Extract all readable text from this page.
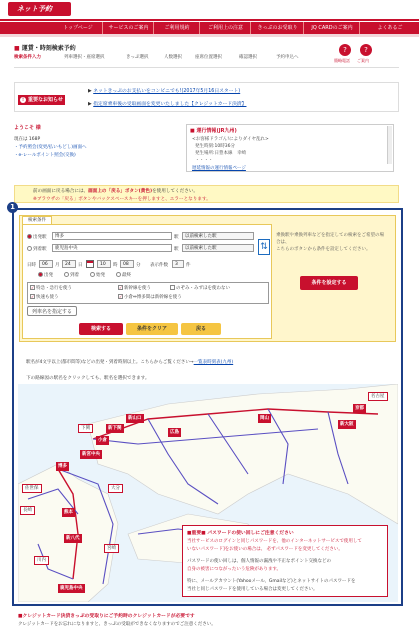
ネット予約
トップページ	サービスのご案内	ご利用規約	ご利用上の注意	きっぷのお受取り	JQ CARDのご案内	よくあるご
■ 運賃・時刻検索予約
検索条件入力	列車選択・座席選択	きっぷ選択	人数選択	座席位置選択	確認選択	予約申込へ
?
簡略電話
?
ご案内
! 重要なお知らせ
▶ ネットきっぷのお支払いをコンビニでも!(2017年5月16日スタート)
▶ 指定席乗車後の受取画面を変更いたしました【クレジットカード決済】
ようこそ 様
現在は 168P
・予約照会(変更/払いもどし)画面へ
・e-レールポイント照会(交換)
■ 運行情報(JR九州)
<お客様ドラゴん!によりダイヤ乱れ>
発生時刻:10時36分
発生場所:日豊本線　幸崎
・・・・
遅延情報の運行情報ページ
前の画面に戻る場合には、画面上の「戻る」ボタン(黄色)を使用してください。
※ブラウザの「戻る」ボタンやバックスペースキーを押しますと、エラーとなります。
1
検索条件
出発駅	博多	駅	以前検索した駅
到着駅	鹿児島中央	駅	以前検索した駅	⇅
日時	06	月	24	日	10	時	08	分 表示件数	3	件
出発	到着	始発	最終
✓ 特急・急行を使う	✓ 新幹線を使う	のぞみ・みずほを使わない
✓ 快速も使う	✓ 小倉⇔博多間は新幹線を使う
列車名を指定する
検索する	条件をクリア	戻る
乗換駅や乗換列車などを指定しての検索をご希望の場合は、
こちらのボタンから条件を設定してください。
条件を設定する
駅名が4文字以上(都市間等)などの出発・到着時刻以上。こちらからご覧ください→一覧表時刻表(九州)
下の路線図の駅名をクリックしても、駅名を選択できます。
博多
新宮中央
広島
岡山
新大阪
京都
名古屋
下関
小倉
新下関
新山口
熊本
新八代
鹿児島中央
川内
長崎
佐世保	大分
宮崎
■重要■ パスワードの使い回しにご注意ください
当社サービスのログインと同じパスワードを、他のインターネットサービスで使用して
いないパスワード]をお使いの場合は、 必ずパスワードを変更してください。
パスワードの使い回しは、個人情報の漏洩や不正なポイント交換などの
自身の被害につながったいう危険があります。
特に、メールアカウント(Yahooメール、Gmailなど)とネットサイトのパスワードを
当社と同じパスワードを使用している場合は変更してください。
■クレジットカード決済きっぷの受取りにご予約時のクレジットカードが必要です
クレジットカードをお忘れになりますと、きっぷの受取ができなくなりますのでご注意ください。
